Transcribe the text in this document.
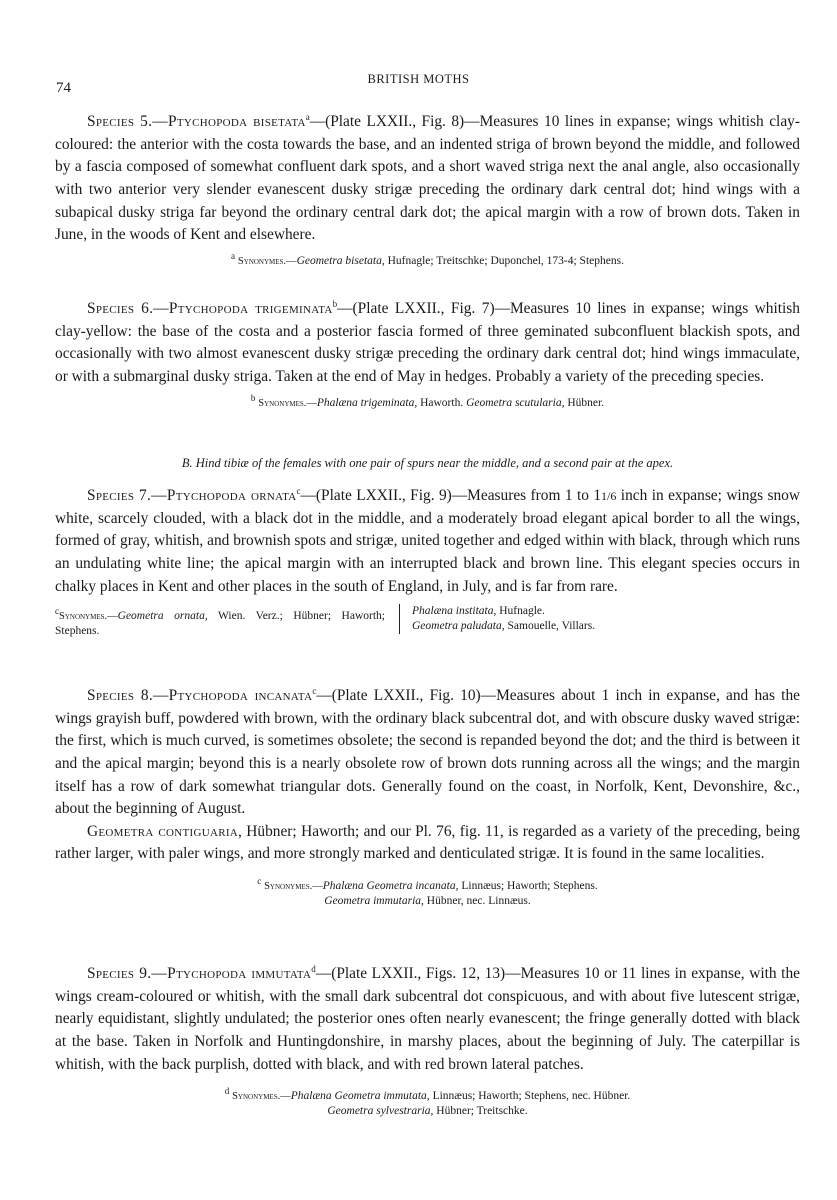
74
BRITISH MOTHS

Species 5.—Ptychopoda bisetata$^a$—(Plate LXXII., Fig. 8)—Measures 10 lines in expanse; wings whitish clay-coloured: the anterior with the costa towards the base, and an indented striga of brown beyond the middle, and followed by a fascia composed of somewhat confluent dark spots, and a short waved striga next the anal angle, also occasionally with two anterior very slender evanescent dusky strigæ preceding the ordinary dark central dot; hind wings with a subapical dusky striga far beyond the ordinary central dark dot; the apical margin with a row of brown dots. Taken in June, in the woods of Kent and elsewhere.

$^a$ Synonymes.—Geometra bisetata, Hufnagle; Treitschke; Duponchel, 173-4; Stephens.

Species 6.—Ptychopoda trigeminata$^b$—(Plate LXXII., Fig. 7)—Measures 10 lines in expanse; wings whitish clay-yellow: the base of the costa and a posterior fascia formed of three geminated subconfluent blackish spots, and occasionally with two almost evanescent dusky strigæ preceding the ordinary dark central dot; hind wings immaculate, or with a submarginal dusky striga. Taken at the end of May in hedges. Probably a variety of the preceding species.

$^b$ Synonymes.—Phalæna trigeminata, Haworth. Geometra scutularia, Hübner.
B. Hind tibiæ of the females with one pair of spurs near the middle, and a second pair at the apex.

Species 7.—Ptychopoda ornata$^c$—(Plate LXXII., Fig. 9)—Measures from 1 to 11/6 inch in expanse; wings snow white, scarcely clouded, with a black dot in the middle, and a moderately broad elegant apical border to all the wings, formed of gray, whitish, and brownish spots and strigæ, united together and edged within with black, through which runs an undulating white line; the apical margin with an interrupted black and brown line. This elegant species occurs in chalky places in Kent and other places in the south of England, in July, and is far from rare.

$^c$Synonymes.—Geometra ornata, Wien. Verz.; Hübner; Haworth; Stephens.
Phalæna institata, Hufnagle.
Geometra paludata, Samouelle, Villars.

Species 8.—Ptychopoda incanata$^c$—(Plate LXXII., Fig. 10)—Measures about 1 inch in expanse, and has the wings grayish buff, powdered with brown, with the ordinary black subcentral dot, and with obscure dusky waved strigæ: the first, which is much curved, is sometimes obsolete; the second is repanded beyond the dot; and the third is between it and the apical margin; beyond this is a nearly obsolete row of brown dots running across all the wings; and the margin itself has a row of dark somewhat triangular dots. Generally found on the coast, in Norfolk, Kent, Devonshire, &c., about the beginning of August.

Geometra contiguaria, Hübner; Haworth; and our Pl. 76, fig. 11, is regarded as a variety of the preceding, being rather larger, with paler wings, and more strongly marked and denticulated strigæ. It is found in the same localities.

$^c$ Synonymes.—Phalæna Geometra incanata, Linnæus; Haworth; Stephens.
Geometra immutaria, Hübner, nec. Linnæus.

Species 9.—Ptychopoda immutata$^d$—(Plate LXXII., Figs. 12, 13)—Measures 10 or 11 lines in expanse, with the wings cream-coloured or whitish, with the small dark subcentral dot conspicuous, and with about five lutescent strigæ, nearly equidistant, slightly undulated; the posterior ones often nearly evanescent; the fringe generally dotted with black at the base. Taken in Norfolk and Huntingdonshire, in marshy places, about the beginning of July. The caterpillar is whitish, with the back purplish, dotted with black, and with red brown lateral patches.

$^d$ Synonymes.—Phalæna Geometra immutata, Linnæus; Haworth; Stephens, nec. Hübner.
Geometra sylvestraria, Hübner; Treitschke.
